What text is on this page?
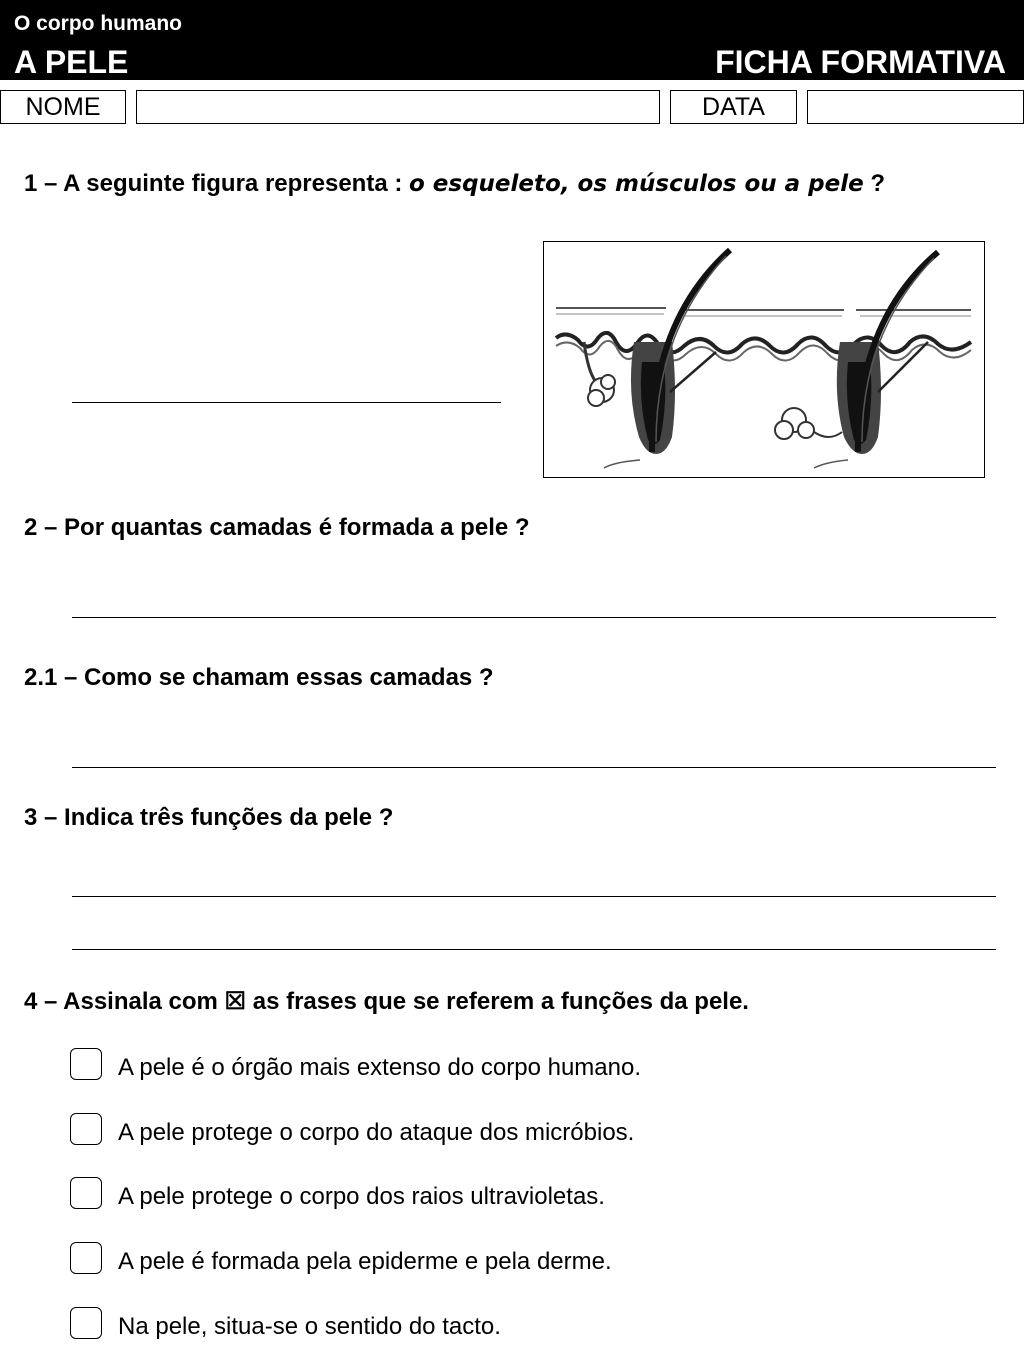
O corpo humano
A PELE	FICHA FORMATIVA
NOME	DATA
1 – A seguinte figura representa : o esqueleto, os músculos ou a pele ?
2 – Por quantas camadas é formada a pele ?
2.1 – Como se chamam essas camadas ?
3 – Indica três funções da pele ?
4 – Assinala com ☒ as frases que se referem a funções da pele.
A pele é o órgão mais extenso do corpo humano.
A pele protege o corpo do ataque dos micróbios.
A pele protege o corpo dos raios ultravioletas.
A pele é formada pela epiderme e pela derme.
Na pele, situa-se o sentido do tacto.
